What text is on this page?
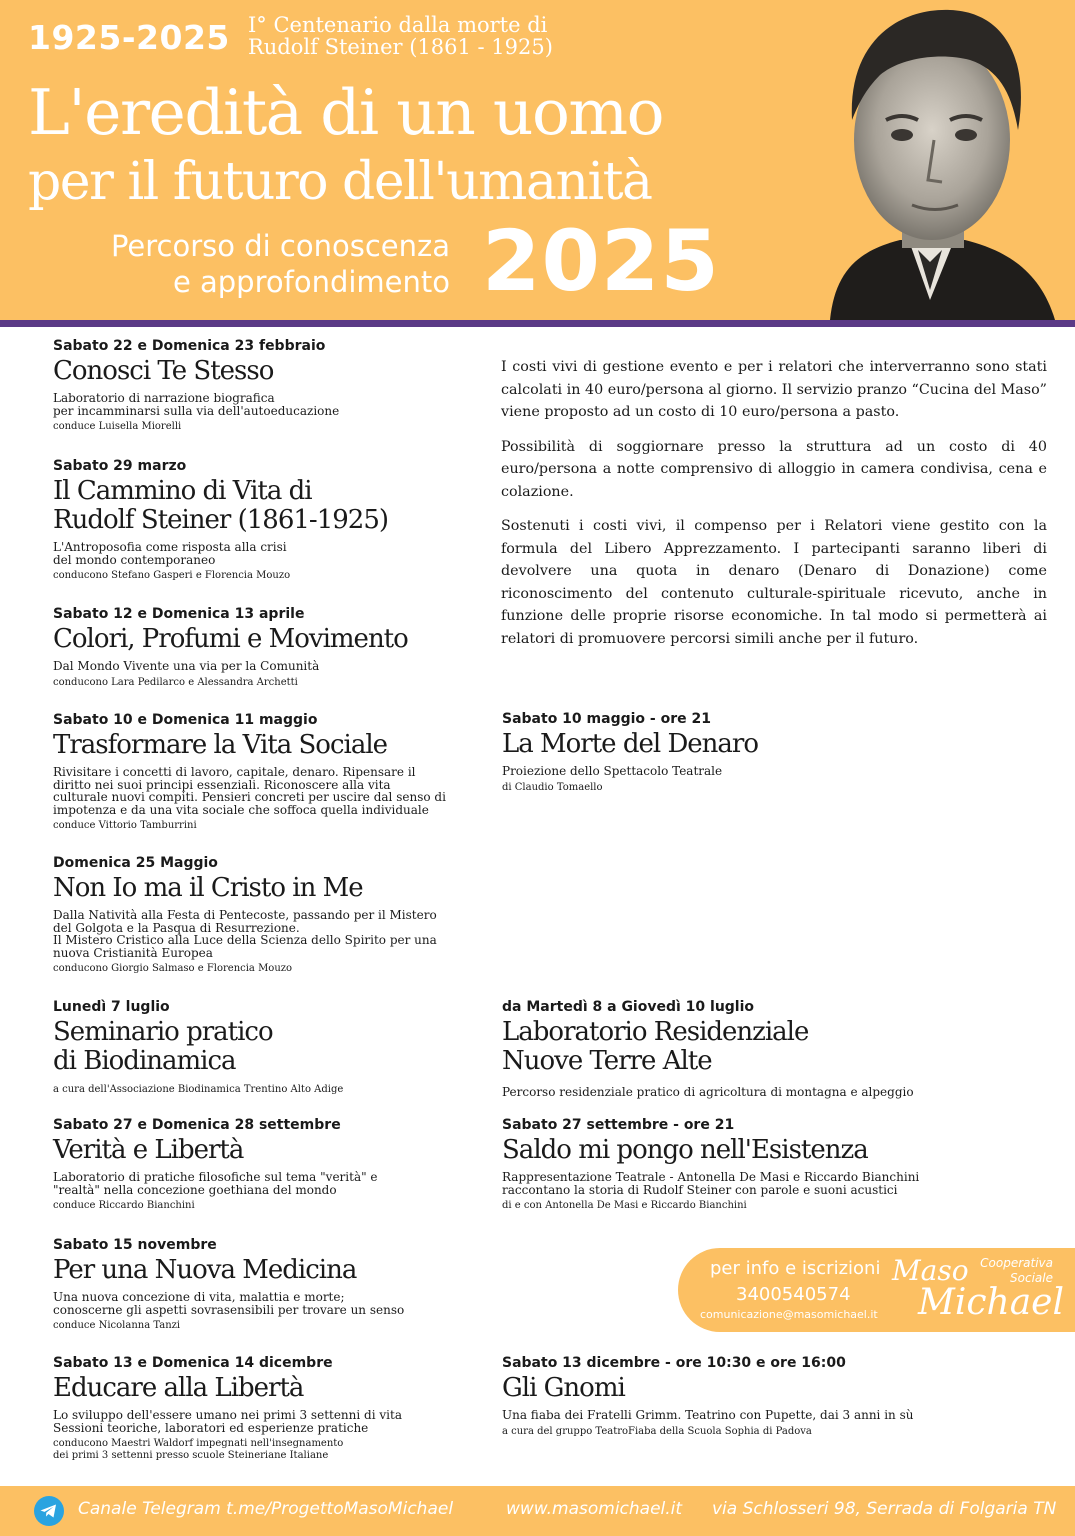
1925-2025 I° Centenario dalla morte di
Rudolf Steiner (1861 - 1925)
L'eredità di un uomo
per il futuro dell'umanità
Percorso di conoscenza
e approfondimento 2025
Sabato 22 e Domenica 23 febbraio
Conosci Te Stesso
Laboratorio di narrazione biografica
per incamminarsi sulla via dell'autoeducazione
conduce Luisella Miorelli
Sabato 29 marzo
Il Cammino di Vita di
Rudolf Steiner (1861-1925)
L'Antroposofia come risposta alla crisi
del mondo contemporaneo
conducono Stefano Gasperi e Florencia Mouzo
Sabato 12 e Domenica 13 aprile
Colori, Profumi e Movimento
Dal Mondo Vivente una via per la Comunità
conducono Lara Pedilarco e Alessandra Archetti
Sabato 10 e Domenica 11 maggio
Trasformare la Vita Sociale
Rivisitare i concetti di lavoro, capitale, denaro. Ripensare il
diritto nei suoi principi essenziali. Riconoscere alla vita
culturale nuovi compiti. Pensieri concreti per uscire dal senso di
impotenza e da una vita sociale che soffoca quella individuale
conduce Vittorio Tamburrini
Domenica 25 Maggio
Non Io ma il Cristo in Me
Dalla Natività alla Festa di Pentecoste, passando per il Mistero
del Golgota e la Pasqua di Resurrezione.
Il Mistero Cristico alla Luce della Scienza dello Spirito per una
nuova Cristianità Europea
conducono Giorgio Salmaso e Florencia Mouzo
Lunedì 7 luglio
Seminario pratico
di Biodinamica
a cura dell'Associazione Biodinamica Trentino Alto Adige
Sabato 27 e Domenica 28 settembre
Verità e Libertà
Laboratorio di pratiche filosofiche sul tema "verità" e
"realtà" nella concezione goethiana del mondo
conduce Riccardo Bianchini
Sabato 15 novembre
Per una Nuova Medicina
Una nuova concezione di vita, malattia e morte;
conoscerne gli aspetti sovrasensibili per trovare un senso
conduce Nicolanna Tanzi
Sabato 13 e Domenica 14 dicembre
Educare alla Libertà
Lo sviluppo dell'essere umano nei primi 3 settenni di vita
Sessioni teoriche, laboratori ed esperienze pratiche
conducono Maestri Waldorf impegnati nell'insegnamento
dei primi 3 settenni presso scuole Steineriane Italiane

I costi vivi di gestione evento e per i relatori che interverranno sono stati calcolati in 40 euro/persona al giorno. Il servizio pranzo “Cucina del Maso” viene proposto ad un costo di 10 euro/persona a pasto.

Possibilità di soggiornare presso la struttura ad un costo di 40 euro/persona a notte comprensivo di alloggio in camera condivisa, cena e colazione.

Sostenuti i costi vivi, il compenso per i Relatori viene gestito con la formula del Libero Apprezzamento. I partecipanti saranno liberi di devolvere una quota in denaro (Denaro di Donazione) come riconoscimento del contenuto culturale-spirituale ricevuto, anche in funzione delle proprie risorse economiche. In tal modo si permetterà ai relatori di promuovere percorsi simili anche per il futuro.

Sabato 10 maggio - ore 21
La Morte del Denaro
Proiezione dello Spettacolo Teatrale
di Claudio Tomaello
da Martedì 8 a Giovedì 10 luglio
Laboratorio Residenziale
Nuove Terre Alte
Percorso residenziale pratico di agricoltura di montagna e alpeggio
Sabato 27 settembre - ore 21
Saldo mi pongo nell'Esistenza
Rappresentazione Teatrale - Antonella De Masi e Riccardo Bianchini
raccontano la storia di Rudolf Steiner con parole e suoni acustici
di e con Antonella De Masi e Riccardo Bianchini
per info e iscrizioni
3400540574
comunicazione@masomichael.it
Maso
Michael
Cooperativa
Sociale
Sabato 13 dicembre - ore 10:30 e ore 16:00
Gli Gnomi
Una fiaba dei Fratelli Grimm. Teatrino con Pupette, dai 3 anni in sù
a cura del gruppo TeatroFiaba della Scuola Sophia di Padova
Canale Telegram t.me/ProgettoMasoMichael	www.masomichael.it via Schlosseri 98, Serrada di Folgaria TN
